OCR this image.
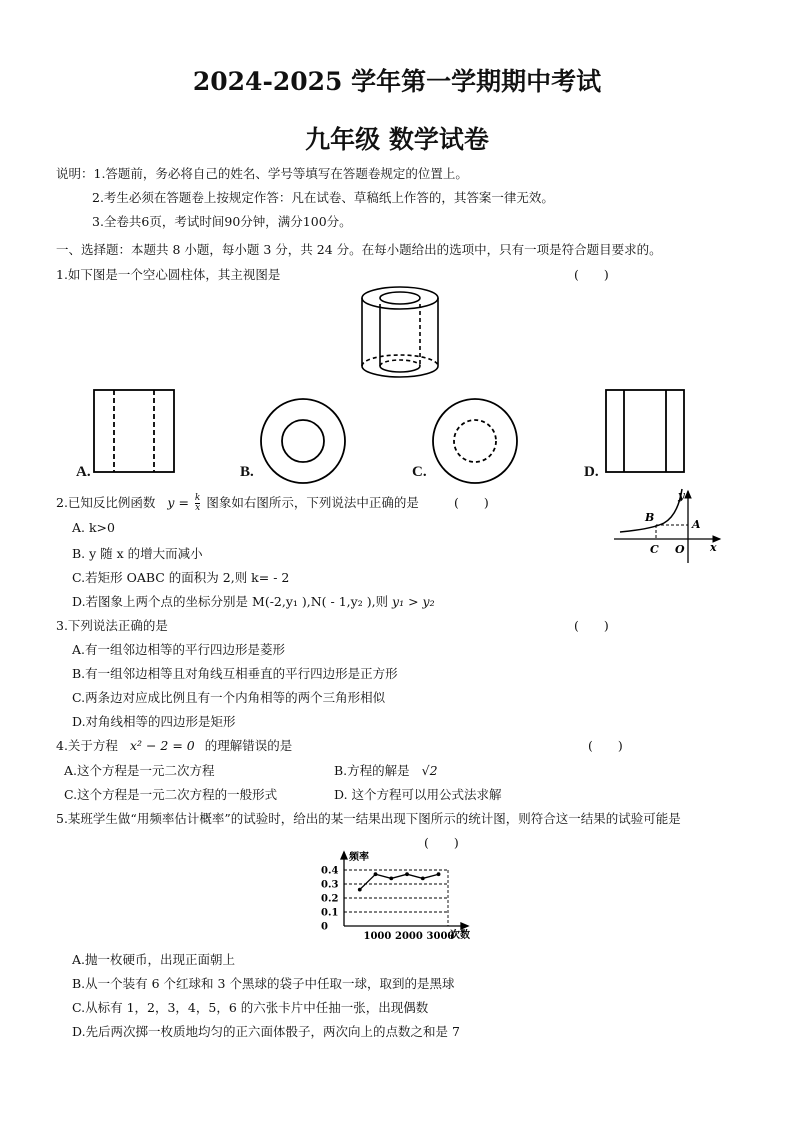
2024-2025 学年第一学期期中考试
九年级 数学试卷
说明：1.答题前，务必将自己的姓名、学号等填写在答题卷规定的位置上。
2.考生必须在答题卷上按规定作答：凡在试卷、草稿纸上作答的，其答案一律无效。
3.全卷共6页，考试时间90分钟，满分100分。
一、选择题：本题共 8 小题，每小题 3 分，共 24 分。在每小题给出的选项中，只有一项是符合题目要求的。
1.如下图是一个空心圆柱体，其主视图是	(　　)
A.	B.	C.	D.
2.已知反比例函数 $y = \frac{k}{x}$ 图象如右图所示，下列说法中正确的是	(　　)	y
x
A
B
C O
A. k>0
B. y 随 x 的增大而减小
C.若矩形 OABC 的面积为 2,则 k= - 2
D.若图象上两个点的坐标分别是 M(-2,y₁ ),N( - 1,y₂ ),则 y₁ > y₂
3.下列说法正确的是	(　　)
A.有一组邻边相等的平行四边形是菱形
B.有一组邻边相等且对角线互相垂直的平行四边形是正方形
C.两条边对应成比例且有一个内角相等的两个三角形相似
D.对角线相等的四边形是矩形
4.关于方程 x² − 2 = 0 的理解错误的是	(　　)
A.这个方程是一元二次方程	B.方程的解是 √2
C.这个方程是一元二次方程的一般形式	D. 这个方程可以用公式法求解
5.某班学生做“用频率估计概率”的试验时，给出的某一结果出现下图所示的统计图，则符合这一结果的试验可能是
(　　)
0.4
0.3
0.2
0.1
0
1000 2000 3000
频率
次数
A.抛一枚硬币，出现正面朝上
B.从一个装有 6 个红球和 3 个黑球的袋子中任取一球，取到的是黑球
C.从标有 1，2，3，4，5，6 的六张卡片中任抽一张，出现偶数
D.先后两次掷一枚质地均匀的正六面体骰子，两次向上的点数之和是 7
